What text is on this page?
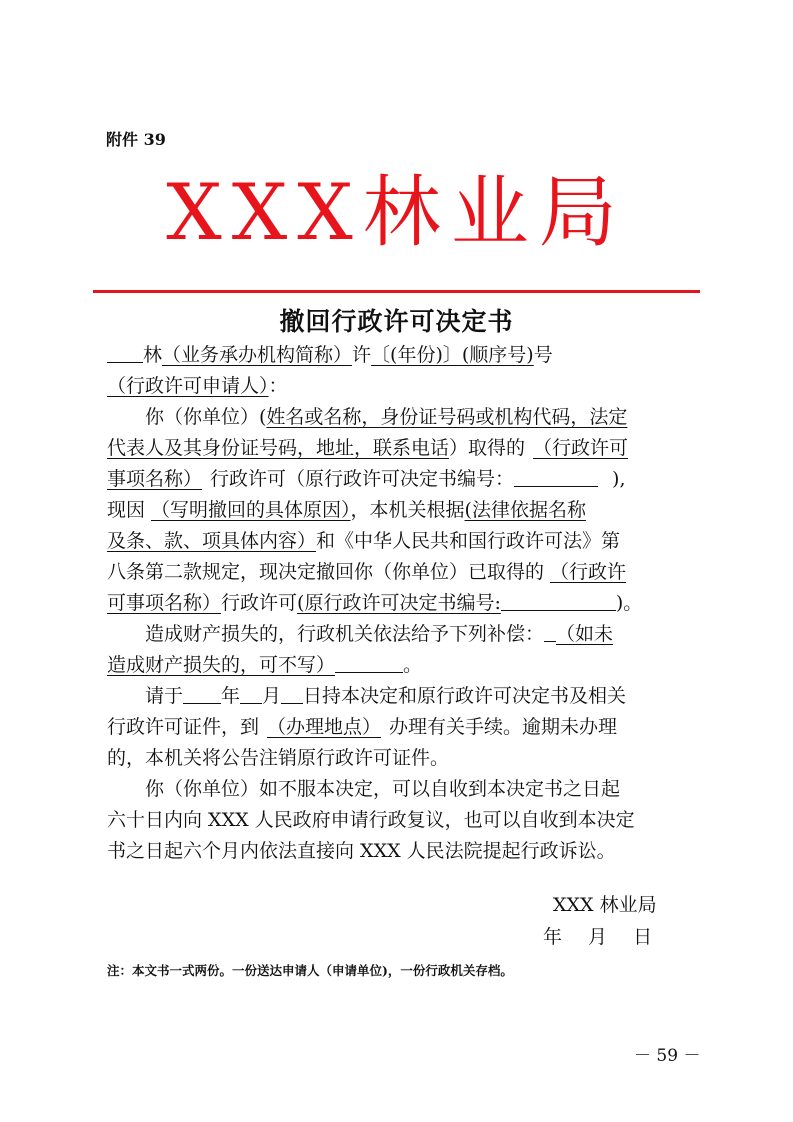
附件 39
XXX林业局
撤回行政许可决定书
林（业务承办机构简称）许〔(年份)〕(顺序号)号
（行政许可申请人）：
你（你单位）(姓名或名称，身份证号码或机构代码，法定
代表人及其身份证号码，地址，联系电话）取得的 （行政许可
事项名称） 行政许可（原行政许可决定书编号：	),
现因 （写明撤回的具体原因），本机关根据(法律依据名称
及条、款、项具体内容）和《中华人民共和国行政许可法》第
八条第二款规定，现决定撤回你（你单位）已取得的 （行政许
可事项名称）行政许可(原行政许可决定书编号:	)。
造成财产损失的，行政机关依法给予下列补偿： （如未
造成财产损失的，可不写）	。
请于 年 月 日持本决定和原行政许可决定书及相关
行政许可证件，到 （办理地点） 办理有关手续。逾期未办理
的，本机关将公告注销原行政许可证件。
你（你单位）如不服本决定，可以自收到本决定书之日起
六十日内向 XXX 人民政府申请行政复议，也可以自收到本决定
书之日起六个月内依法直接向 XXX 人民法院提起行政诉讼。
XXX 林业局
年 月 日
注：本文书一式两份。一份送达申请人（申请单位)，一份行政机关存档。
－ 59 －
